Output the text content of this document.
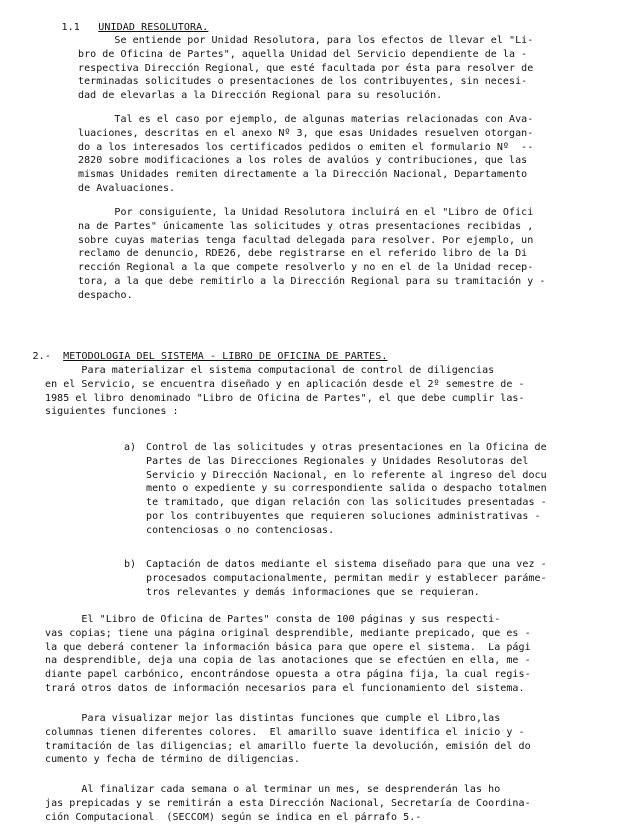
1.1 UNIDAD RESOLUTORA.

Se entiende por Unidad Resolutora, para los efectos de llevar el "Li-
bro de Oficina de Partes", aquella Unidad del Servicio dependiente de la -
respectiva Dirección Regional, que esté facultada por ésta para resolver de
terminadas solicitudes o presentaciones de los contribuyentes, sin necesi-
dad de elevarlas a la Dirección Regional para su resolución.
Tal es el caso por ejemplo, de algunas materias relacionadas con Ava-
luaciones, descritas en el anexo Nº 3, que esas Unidades resuelven otorgan-
do a los interesados los certificados pedidos o emiten el formulario Nº  --
2820 sobre modificaciones a los roles de avalúos y contribuciones, que las
mismas Unidades remiten directamente a la Dirección Nacional, Departamento
de Avaluaciones.
Por consiguiente, la Unidad Resolutora incluirá en el "Libro de Ofici
na de Partes" únicamente las solicitudes y otras presentaciones recibidas ,
sobre cuyas materias tenga facultad delegada para resolver. Por ejemplo, un
reclamo de denuncio, RDE26, debe registrarse en el referido libro de la Di
rección Regional a la que compete resolverlo y no en el de la Unidad recep-
tora, a la que debe remitirlo a la Dirección Regional para su tramitación y -
despacho.

2.- METODOLOGIA DEL SISTEMA - LIBRO DE OFICINA DE PARTES.

Para materializar el sistema computacional de control de diligencias
en el Servicio, se encuentra diseñado y en aplicación desde el 2º semestre de -
1985 el libro denominado "Libro de Oficina de Partes", el que debe cumplir las-
siguientes funciones :
a) Control de las solicitudes y otras presentaciones en la Oficina de
Partes de las Direcciones Regionales y Unidades Resolutoras del
Servicio y Dirección Nacional, en lo referente al ingreso del docu
mento o expediente y su correspondiente salida o despacho totalmen
te tramitado, que digan relación con las solicitudes presentadas -
por los contribuyentes que requieren soluciones administrativas -
contenciosas o no contenciosas.
b) Captación de datos mediante el sistema diseñado para que una vez -
procesados computacionalmente, permitan medir y establecer paráme-
tros relevantes y demás informaciones que se requieran.
El "Libro de Oficina de Partes" consta de 100 páginas y sus respecti-
vas copias; tiene una página original desprendible, mediante prepicado, que es -
la que deberá contener la información básica para que opere el sistema.  La pági
na desprendible, deja una copia de las anotaciones que se efectúen en ella, me -
diante papel carbónico, encontrándose opuesta a otra página fija, la cual regis-
trará otros datos de información necesarios para el funcionamiento del sistema.
Para visualizar mejor las distintas funciones que cumple el Libro,las
columnas tienen diferentes colores.  El amarillo suave identifica el inicio y -
tramitación de las diligencias; el amarillo fuerte la devolución, emisión del do
cumento y fecha de término de diligencias.
Al finalizar cada semana o al terminar un mes, se desprenderán las ho
jas prepicadas y se remitirán a esta Dirección Nacional, Secretaría de Coordina-
ción Computacional  (SECCOM) según se indica en el párrafo 5.-
